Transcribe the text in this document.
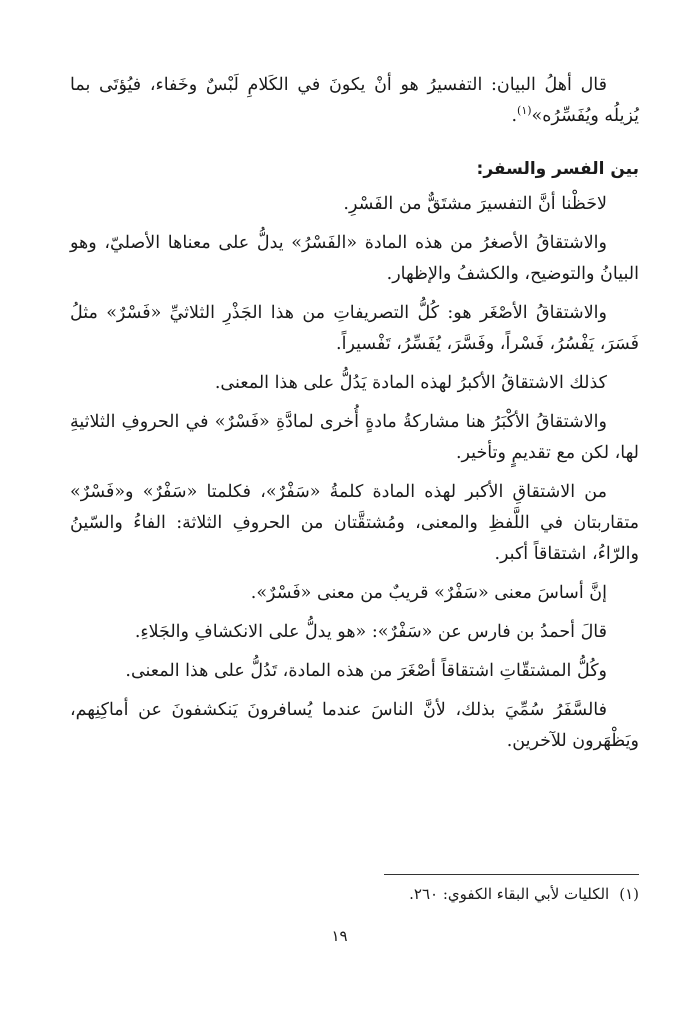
قال أهلُ البيان: التفسيرُ هو أنْ يكونَ في الكَلامِ لَبْسٌ وخَفاء، فيُؤتَى بما يُزيلُه ويُفَسِّرُه»$^{(١)}$.

بين الفسر والسفر:

لاحَظْنا أنَّ التفسيرَ مشتَقٌّ من الفَسْرِ.

والاشتقاقُ الأصغرُ من هذه المادة «الفَسْرُ» يدلُّ على معناها الأصليّ، وهو البيانُ والتوضيح، والكشفُ والإظهار.

والاشتقاقُ الأصْغَر هو: كُلُّ التصريفاتِ من هذا الجَذْرِ الثلاثيِّ «فَسْرٌ» مثلُ فَسَرَ، يَفْسُرُ، فَسْراً، وفَسَّرَ، يُفَسِّرُ، تَفْسيراً.

كذلك الاشتقاقُ الأكبرُ لهذه المادة يَدُلُّ على هذا المعنى.

والاشتقاقُ الأكْبَرُ هنا مشاركةُ مادةٍ أُخرى لمادَّةِ «فَسْرٌ» في الحروفِ الثلاثيةِ لها، لكن مع تقديمٍ وتأخير.

من الاشتقاقِ الأكبر لهذه المادة كلمةُ «سَفْرٌ»، فكلمتا «سَفْرٌ» و«فَسْرٌ» متقاربتان في اللَّفظِ والمعنى، ومُشتقَّتان من الحروفِ الثلاثة: الفاءُ والسّينُ والرّاءُ، اشتقاقاً أكبر.

إنَّ أساسَ معنى «سَفْرٌ» قريبٌ من معنى «فَسْرٌ».

قالَ أحمدُ بن فارس عن «سَفْرٌ»: «هو يدلُّ على الانكشافِ والجَلاءِ.

وكُلُّ المشتقّاتِ اشتقاقاً أصْغَرَ من هذه المادة، تَدُلُّ على هذا المعنى.

فالسَّفَرُ سُمِّيَ بذلك، لأنَّ الناسَ عندما يُسافرونَ يَنكشفونَ عن أماكِنِهم، ويَظْهَرون للآخرين.

(١)الكليات لأبي البقاء الكفوي: ٢٦٠.
١٩
